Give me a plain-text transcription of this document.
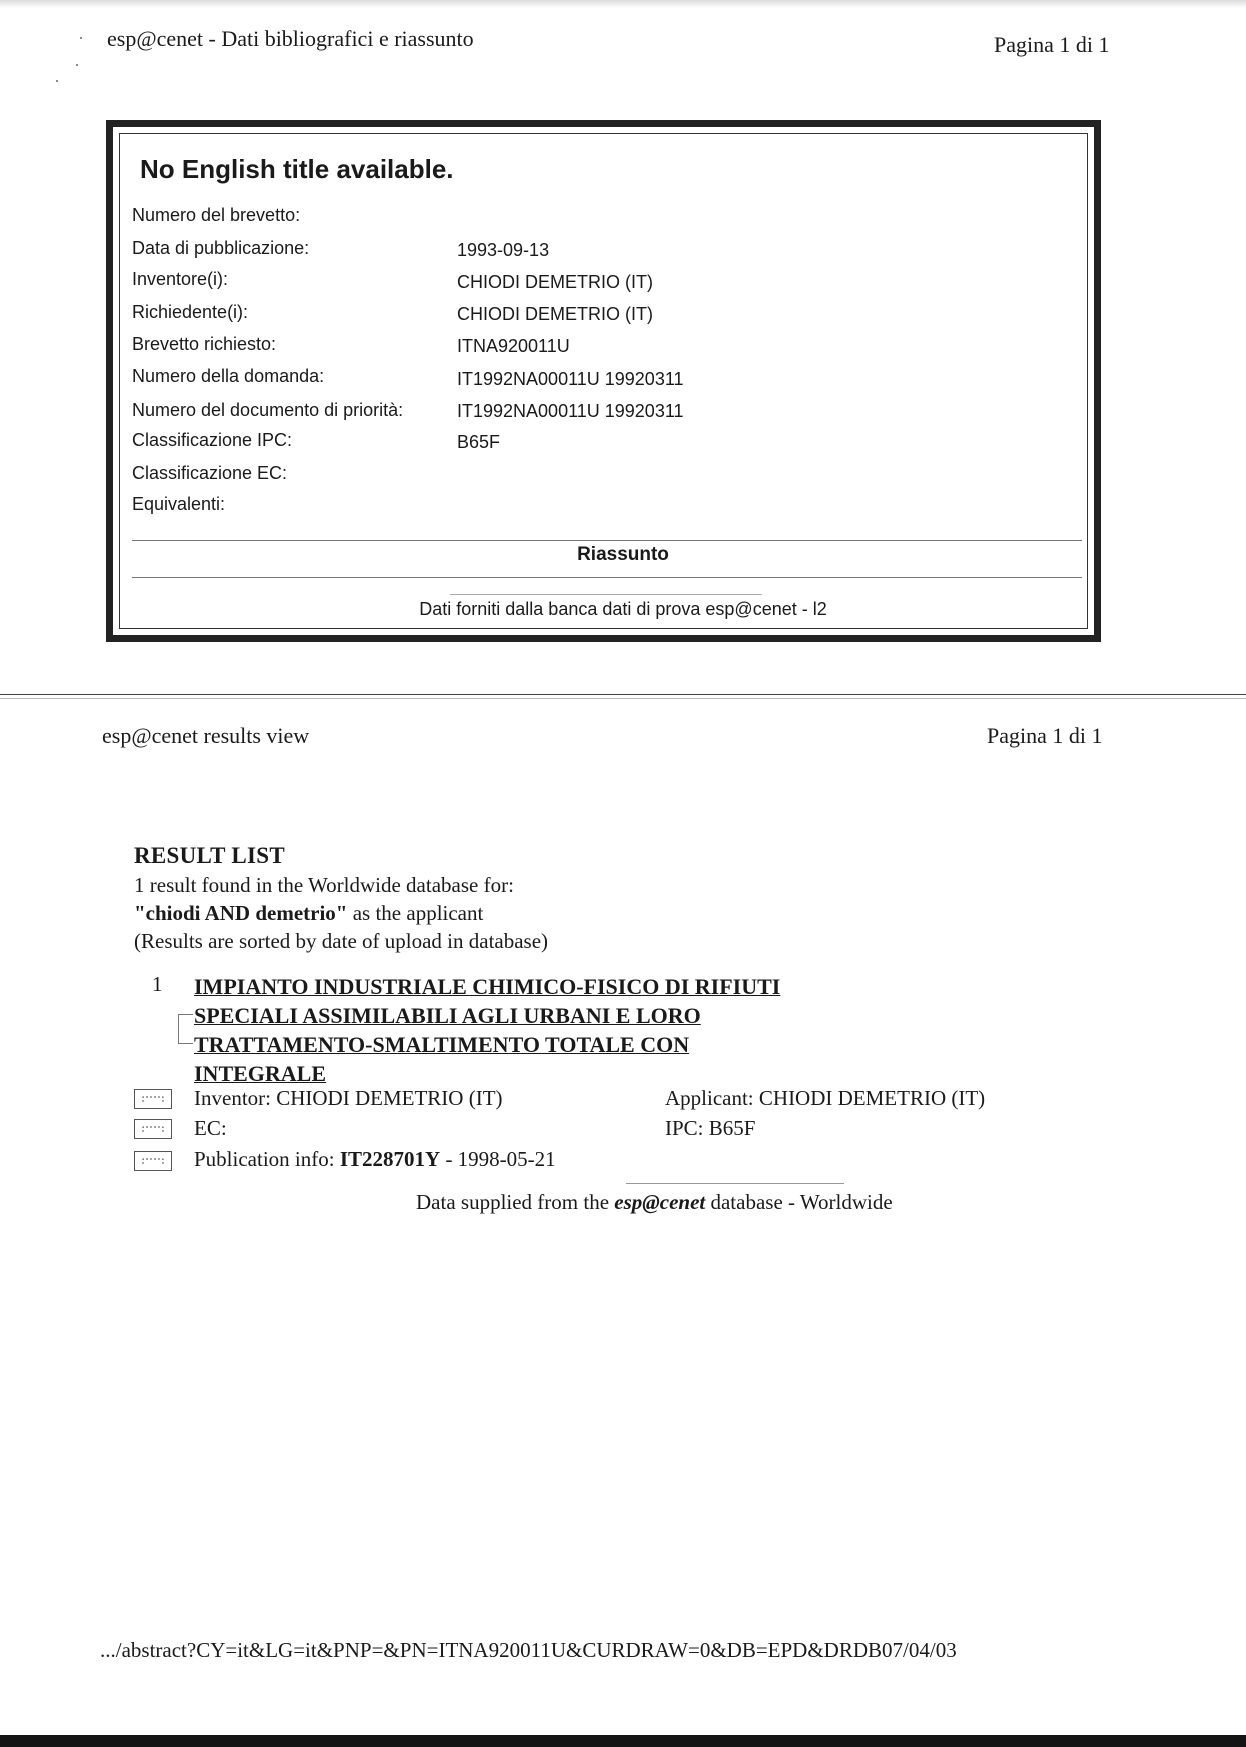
esp@cenet - Dati bibliografici e riassunto	Pagina 1 di 1
No English title available.
Numero del brevetto:
Data di pubblicazione:	1993-09-13
Inventore(i):	CHIODI DEMETRIO (IT)
Richiedente(i):	CHIODI DEMETRIO (IT)
Brevetto richiesto:	ITNA920011U
Numero della domanda:	IT1992NA00011U 19920311
Numero del documento di priorità:	IT1992NA00011U 19920311
Classificazione IPC:	B65F
Classificazione EC:
Equivalenti:
Riassunto
Dati forniti dalla banca dati di prova esp@cenet - l2
esp@cenet results view	Pagina 1 di 1
RESULT LIST
1 result found in the Worldwide database for:
"chiodi AND demetrio" as the applicant
(Results are sorted by date of upload in database)
1 IMPIANTO INDUSTRIALE CHIMICO-FISICO DI RIFIUTI
SPECIALI ASSIMILABILI AGLI URBANI E LORO
TRATTAMENTO-SMALTIMENTO TOTALE CON
INTEGRALE
Inventor: CHIODI DEMETRIO (IT)	Applicant: CHIODI DEMETRIO (IT)
EC:	IPC: B65F
Publication info: IT228701Y - 1998-05-21
Data supplied from the esp@cenet database - Worldwide
.../abstract?CY=it&LG=it&PNP=&PN=ITNA920011U&CURDRAW=0&DB=EPD&DRDB07/04/03
